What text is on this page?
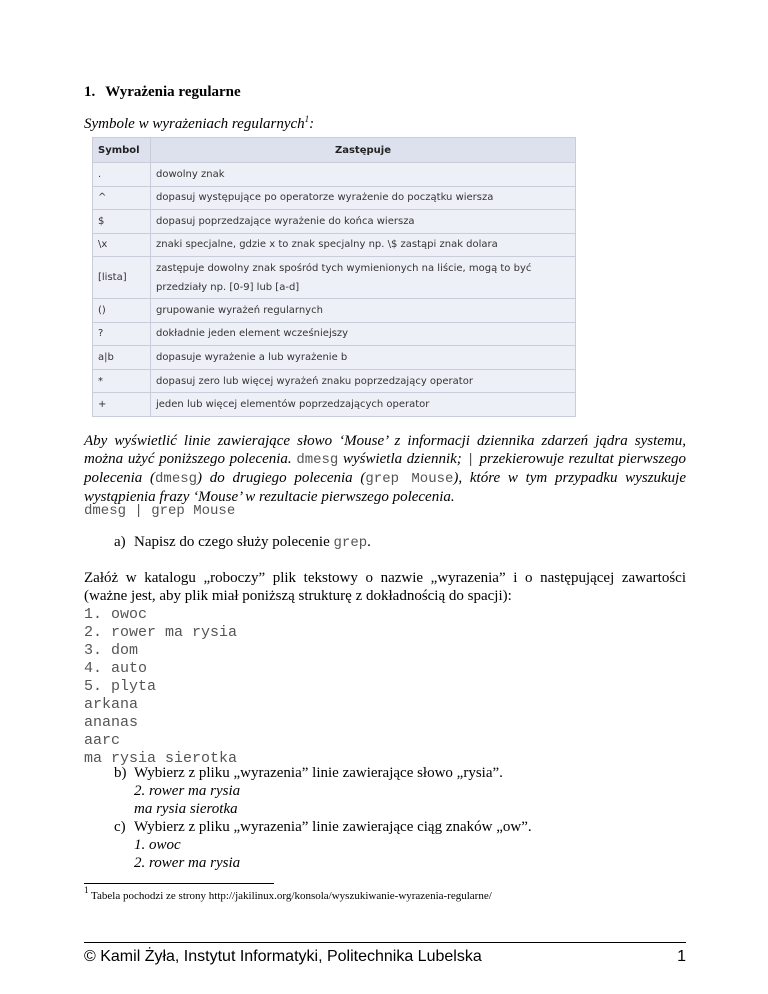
1. Wyrażenia regularne

Symbole w wyrażeniach regularnych$^1$:

Symbol	Zastępuje
.	dowolny znak
^	dopasuj występujące po operatorze wyrażenie do początku wiersza
$	dopasuj poprzedzające wyrażenie do końca wiersza
\x	znaki specjalne, gdzie x to znak specjalny np. \$ zastąpi znak dolara
[lista]	zastępuje dowolny znak spośród tych wymienionych na liście, mogą to być przedziały np. [0-9] lub [a-d]
()	grupowanie wyrażeń regularnych
?	dokładnie jeden element wcześniejszy
a|b	dopasuje wyrażenie a lub wyrażenie b
*	dopasuj zero lub więcej wyrażeń znaku poprzedzający operator
+	jeden lub więcej elementów poprzedzających operator

Aby wyświetlić linie zawierające słowo ‘Mouse’ z informacji dziennika zdarzeń jądra systemu, można użyć poniższego polecenia. dmesg wyświetla dziennik; | przekierowuje rezultat pierwszego polecenia (dmesg) do drugiego polecenia (grep Mouse), które w tym przypadku wyszukuje wystąpienia frazy ‘Mouse’ w rezultacie pierwszego polecenia.

dmesg | grep Mouse

a) Napisz do czego służy polecenie grep.

Załóż w katalogu „roboczy” plik tekstowy o nazwie „wyrazenia” i o następującej zawartości (ważne jest, aby plik miał poniższą strukturę z dokładnością do spacji):

1. owoc
2. rower ma rysia
3. dom
4. auto
5. plyta
arkana
ananas
aarc
ma rysia sierotka

b) Wybierz z pliku „wyrazenia” linie zawierające słowo „rysia”.

2. rower ma rysia
ma rysia sierotka

c) Wybierz z pliku „wyrazenia” linie zawierające ciąg znaków „ow”.

1. owoc
2. rower ma rysia

$^1$ Tabela pochodzi ze strony http://jakilinux.org/konsola/wyszukiwanie-wyrazenia-regularne/

© Kamil Żyła, Instytut Informatyki, Politechnika Lubelska	1
